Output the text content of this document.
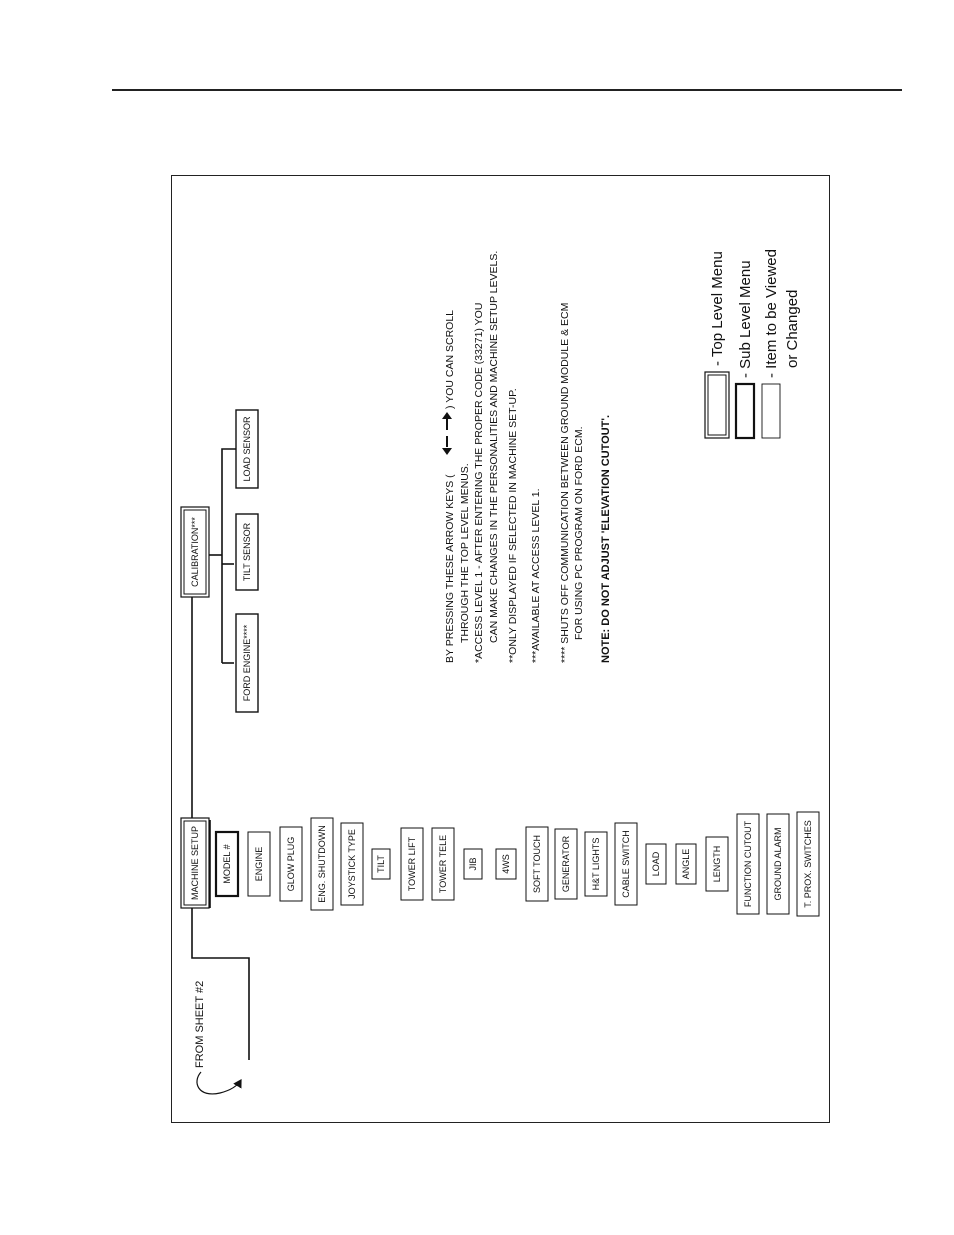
FROM SHEET #2
MACHINE SETUP
CALIBRATION***
MODEL # ENGINE GLOW PLUG ENG. SHUTDOWN JOYSTICK TYPE TILT TOWER LIFT TOWER TELE JIB	4WS SOFT TOUCH GENERATOR H&T LIGHTS CABLE SWITCH LOAD ANGLE LENGTH FUNCTION CUTOUT GROUND ALARM T. PROX. SWITCHES
FORD ENGINE****
TILT SENSOR
LOAD SENSOR
BY PRESSING THESE ARROW KEYS (
) YOU CAN SCROLL
THROUGH THE TOP LEVEL MENUS. *ACCESS LEVEL 1 - AFTER ENTERING THE PROPER CODE (33271) YOU CAN MAKE CHANGES IN THE PERSONALITIES AND MACHINE SETUP LEVELS. **ONLY DISPLAYED IF SELECTED IN MACHINE SET-UP. ***AVAILABLE AT ACCESS LEVEL 1. **** SHUTS OFF COMMUNICATION BETWEEN GROUND MODULE & ECM FOR USING PC PROGRAM ON FORD ECM. NOTE: DO NOT ADJUST 'ELEVATION CUTOUT'.
- Top Level Menu - Sub Level Menu - Item to be Viewed or Changed
